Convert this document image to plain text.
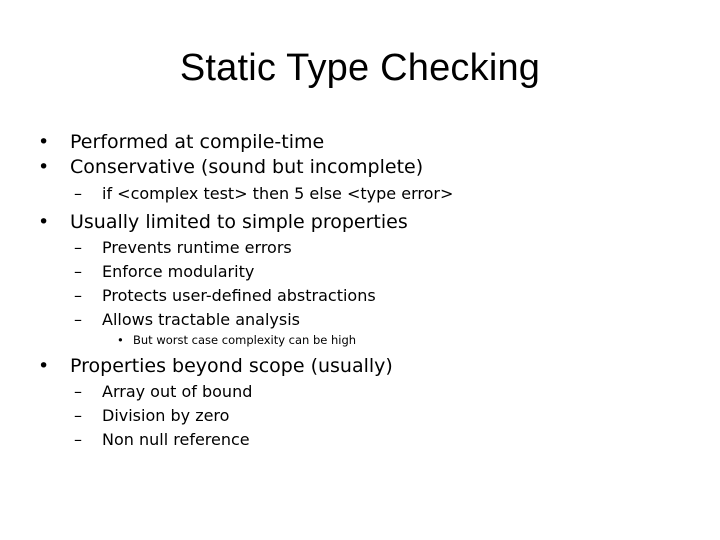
Static Type Checking
• Performed at compile-time
• Conservative (sound but incomplete)
– if <complex test> then 5 else <type error>
• Usually limited to simple properties
– Prevents runtime errors
– Enforce modularity
– Protects user-defined abstractions
– Allows tractable analysis
• But worst case complexity can be high
• Properties beyond scope (usually)
– Array out of bound
– Division by zero
– Non null reference
